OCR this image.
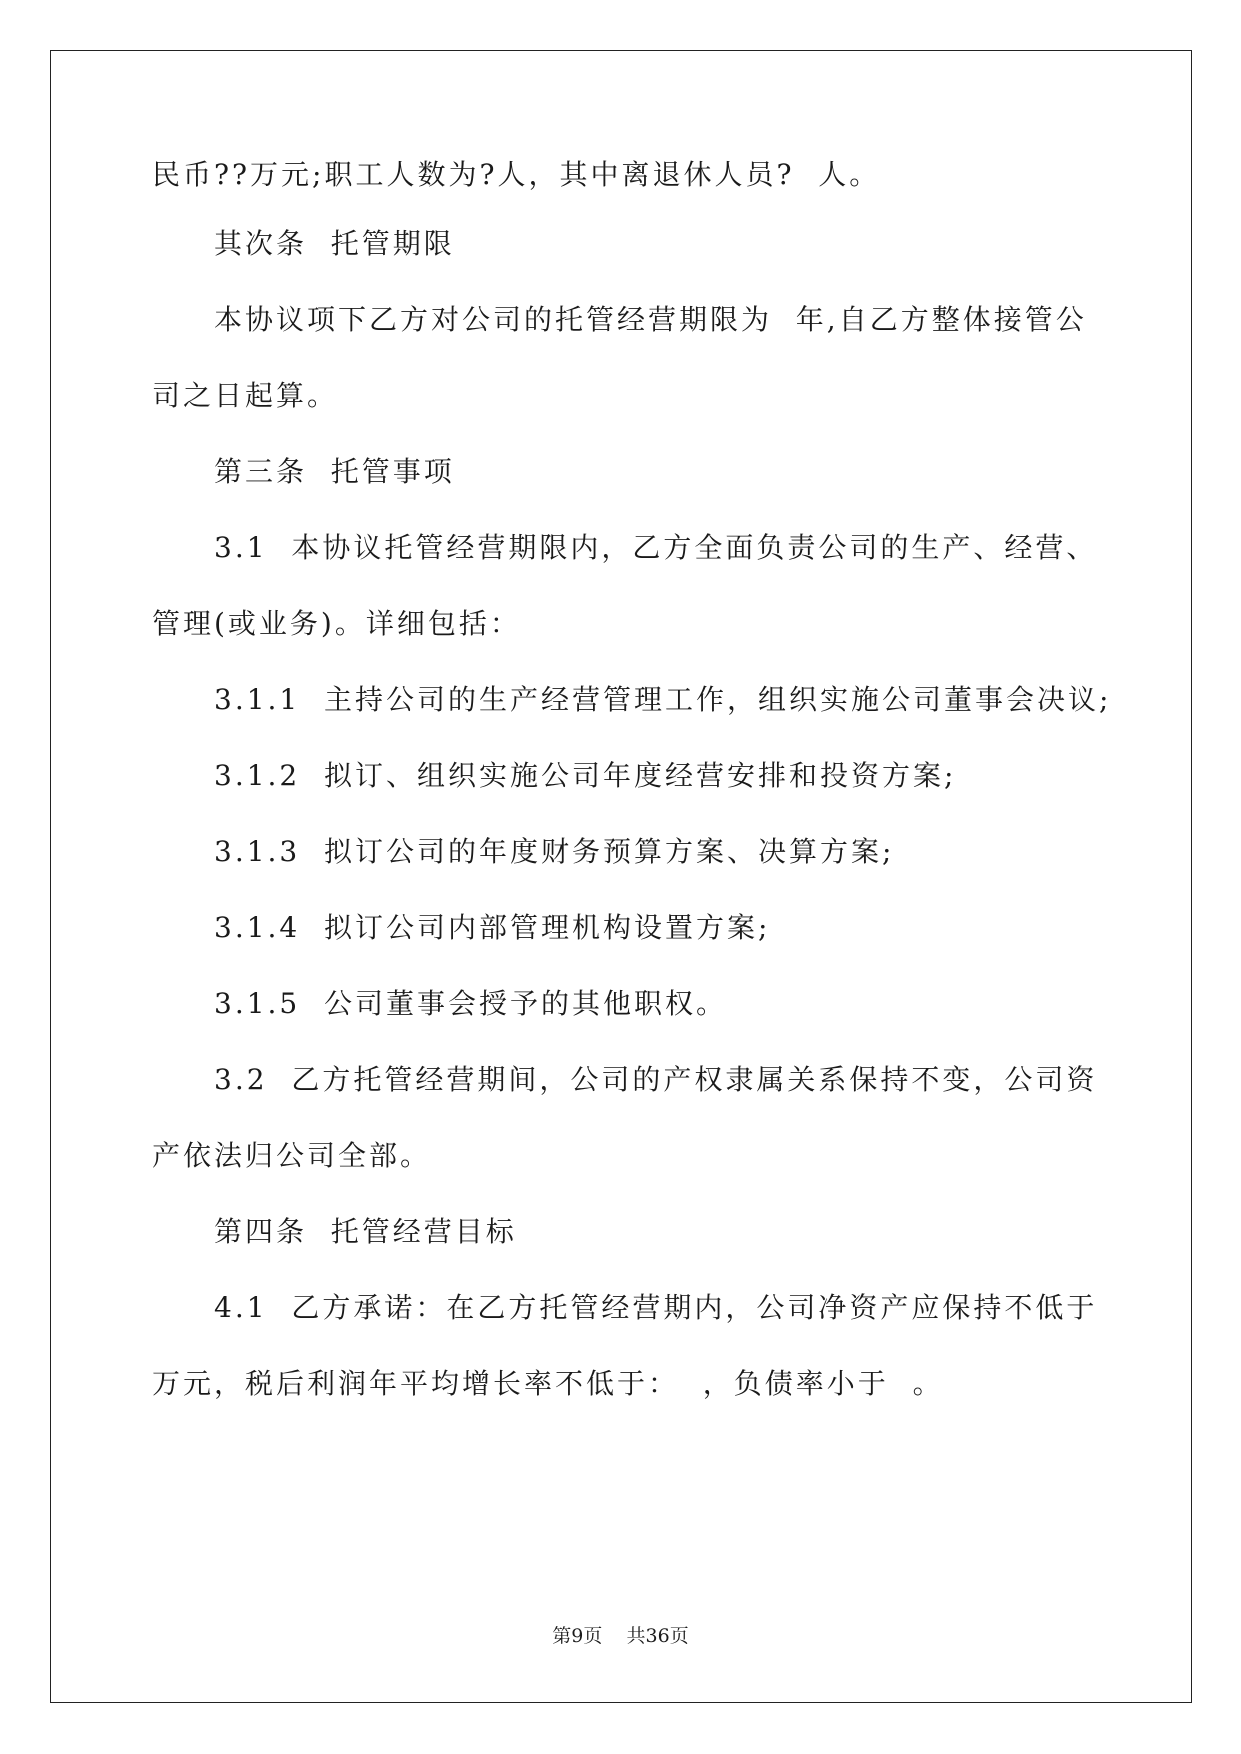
民币??万元;职工人数为?人，其中离退休人员?  人。
其次条  托管期限
本协议项下乙方对公司的托管经营期限为  年,自乙方整体接管公
司之日起算。
第三条  托管事项
3.1  本协议托管经营期限内，乙方全面负责公司的生产、经营、
管理(或业务)。详细包括：
3.1.1  主持公司的生产经营管理工作，组织实施公司董事会决议;
3.1.2  拟订、组织实施公司年度经营安排和投资方案;
3.1.3  拟订公司的年度财务预算方案、决算方案;
3.1.4  拟订公司内部管理机构设置方案;
3.1.5  公司董事会授予的其他职权。
3.2  乙方托管经营期间，公司的产权隶属关系保持不变，公司资
产依法归公司全部。
第四条  托管经营目标
4.1  乙方承诺：在乙方托管经营期内，公司净资产应保持不低于
万元，税后利润年平均增长率不低于：  ，负债率小于  。
第9页    共36页
